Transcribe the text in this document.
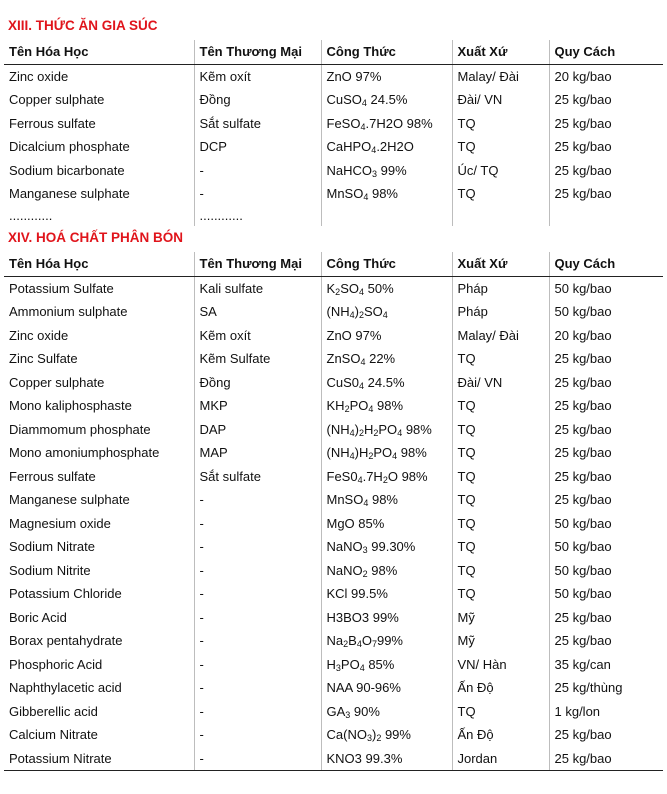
XIII. THỨC ĂN GIA SÚC
Tên Hóa Học	Tên Thương Mại	Công Thức	Xuất Xứ	Quy Cách
Zinc oxide	Kẽm oxít	ZnO 97%	Malay/ Đài	20 kg/bao
Copper sulphate	Đồng	CuSO$_4$ 24.5%	Đài/ VN	25 kg/bao
Ferrous sulfate	Sắt sulfate	FeSO$_4$.7H2O 98%	TQ	25 kg/bao
Dicalcium phosphate	DCP	CaHPO$_4$.2H2O	TQ	25 kg/bao
Sodium bicarbonate	-	NaHCO$_3$ 99%	Úc/ TQ	25 kg/bao
Manganese sulphate	-	MnSO$_4$ 98%	TQ	25 kg/bao
............	............			
XIV. HOÁ CHẤT PHÂN BÓN
Tên Hóa Học	Tên Thương Mại	Công Thức	Xuất Xứ	Quy Cách
Potassium Sulfate	Kali sulfate	$K_2SO_4$ 50%	Pháp	50 kg/bao
Ammonium sulphate	SA	$(NH_4)_2SO_4$	Pháp	50 kg/bao
Zinc oxide	Kẽm oxít	ZnO 97%	Malay/ Đài	20 kg/bao
Zinc Sulfate	Kẽm Sulfate	ZnSO$_4$ 22%	TQ	25 kg/bao
Copper sulphate	Đồng	$CuS0_4$ 24.5%	Đài/ VN	25 kg/bao
Mono kaliphosphaste	MKP	$KH_2PO_4$ 98%	TQ	25 kg/bao
Diammomum phosphate	DAP	$(NH_4)_2H_2PO_4$ 98%	TQ	25 kg/bao
Mono amoniumphosphate	MAP	$(NH_4)H_2PO_4$ 98%	TQ	25 kg/bao
Ferrous sulfate	Sắt sulfate	$FeS0_4.7H_2O$ 98%	TQ	25 kg/bao
Manganese sulphate	-	MnSO$_4$ 98%	TQ	25 kg/bao
Magnesium oxide	-	MgO 85%	TQ	50 kg/bao
Sodium Nitrate	-	NaNO$_3$ 99.30%	TQ	50 kg/bao
Sodium Nitrite	-	NaNO$_2$ 98%	TQ	50 kg/bao
Potassium Chloride	-	KCl 99.5%	TQ	50 kg/bao
Boric Acid	-	H3BO3 99%	Mỹ	25 kg/bao
Borax pentahydrate	-	$Na_2B_4O_799\%$	Mỹ	25 kg/bao
Phosphoric Acid	-	$H_3PO_4$ 85%	VN/ Hàn	35 kg/can
Naphthylacetic acid	-	NAA 90-96%	Ấn Độ	25 kg/thùng
Gibberellic acid	-	$GA_3$ 90%	TQ	1 kg/lon
Calcium Nitrate	-	$Ca(NO_3)_2$ 99%	Ấn Độ	25 kg/bao
Potassium Nitrate	-	KNO3 99.3%	Jordan	25 kg/bao
